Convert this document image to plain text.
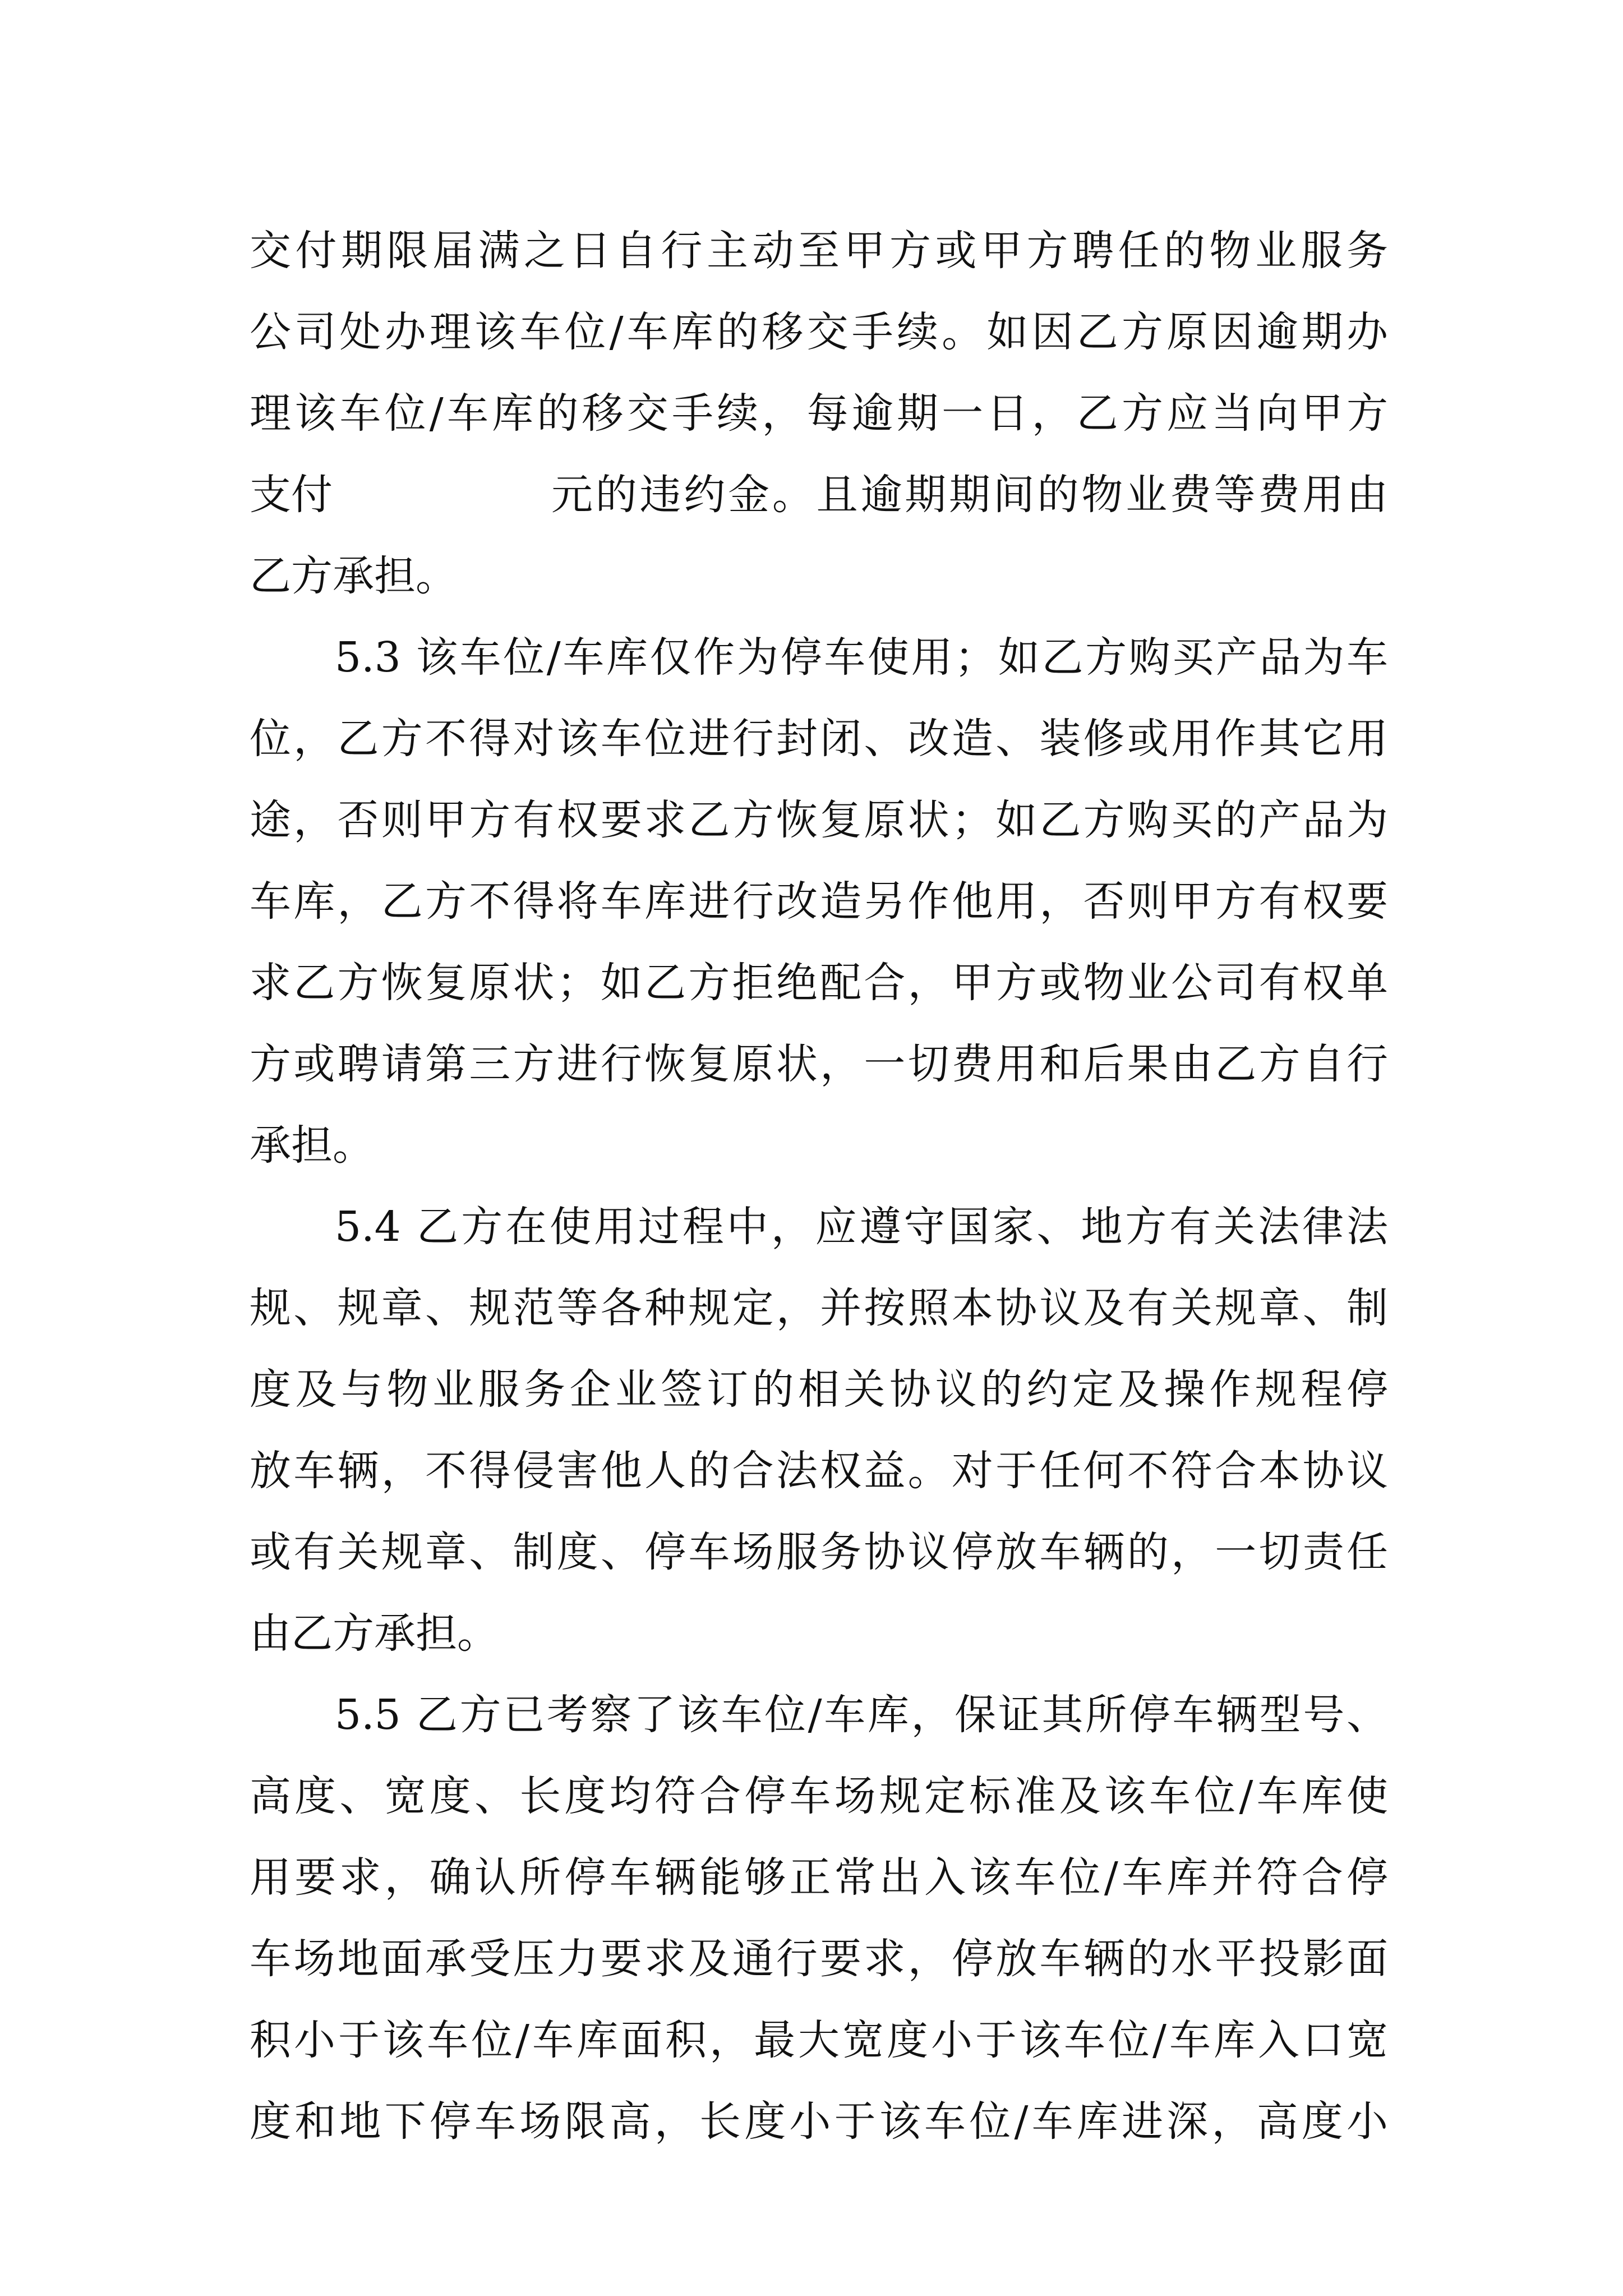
交付期限届满之日自行主动至甲方或甲方聘任的物业服务
公司处办理该车位/车库的移交手续。如因乙方原因逾期办
理该车位/车库的移交手续，每逾期一日，乙方应当向甲方
支付	元的违约金。且逾期期间的物业费等费用由
乙方承担。
5.3 该车位/车库仅作为停车使用；如乙方购买产品为车
位，乙方不得对该车位进行封闭、改造、装修或用作其它用
途，否则甲方有权要求乙方恢复原状；如乙方购买的产品为
车库，乙方不得将车库进行改造另作他用，否则甲方有权要
求乙方恢复原状；如乙方拒绝配合，甲方或物业公司有权单
方或聘请第三方进行恢复原状，一切费用和后果由乙方自行
承担。
5.4 乙方在使用过程中，应遵守国家、地方有关法律法
规、规章、规范等各种规定，并按照本协议及有关规章、制
度及与物业服务企业签订的相关协议的约定及操作规程停
放车辆，不得侵害他人的合法权益。对于任何不符合本协议
或有关规章、制度、停车场服务协议停放车辆的，一切责任
由乙方承担。
5.5 乙方已考察了该车位/车库，保证其所停车辆型号、
高度、宽度、长度均符合停车场规定标准及该车位/车库使
用要求，确认所停车辆能够正常出入该车位/车库并符合停
车场地面承受压力要求及通行要求，停放车辆的水平投影面
积小于该车位/车库面积，最大宽度小于该车位/车库入口宽
度和地下停车场限高，长度小于该车位/车库进深，高度小
